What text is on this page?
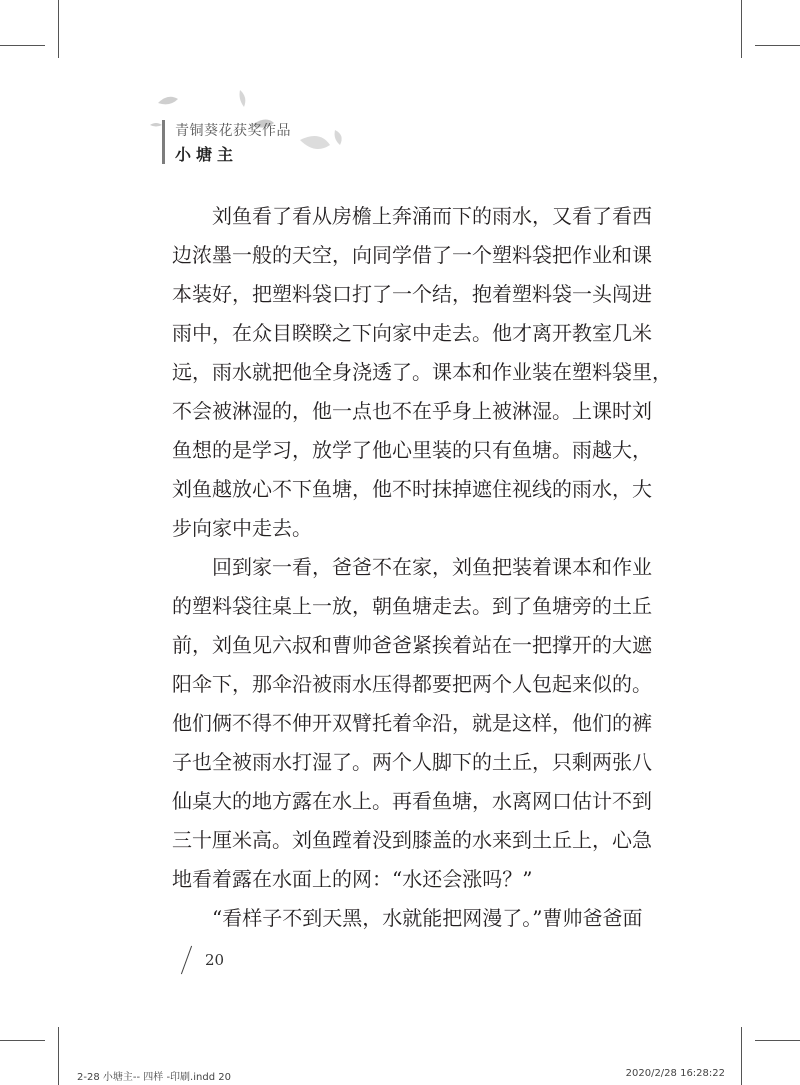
青铜葵花获奖作品
小塘主
刘鱼看了看从房檐上奔涌而下的雨水，又看了看西
边浓墨一般的天空，向同学借了一个塑料袋把作业和课
本装好，把塑料袋口打了一个结，抱着塑料袋一头闯进
雨中，在众目睽睽之下向家中走去。他才离开教室几米
远，雨水就把他全身浇透了。课本和作业装在塑料袋里，
不会被淋湿的，他一点也不在乎身上被淋湿。上课时刘
鱼想的是学习，放学了他心里装的只有鱼塘。雨越大，
刘鱼越放心不下鱼塘，他不时抹掉遮住视线的雨水，大
步向家中走去。
回到家一看，爸爸不在家，刘鱼把装着课本和作业
的塑料袋往桌上一放，朝鱼塘走去。到了鱼塘旁的土丘
前，刘鱼见六叔和曹帅爸爸紧挨着站在一把撑开的大遮
阳伞下，那伞沿被雨水压得都要把两个人包起来似的。
他们俩不得不伸开双臂托着伞沿，就是这样，他们的裤
子也全被雨水打湿了。两个人脚下的土丘，只剩两张八
仙桌大的地方露在水上。再看鱼塘，水离网口估计不到
三十厘米高。刘鱼蹚着没到膝盖的水来到土丘上，心急
地看着露在水面上的网：“水还会涨吗？”
“看样子不到天黑，水就能把网漫了。”曹帅爸爸面
20
2-28 小塘主-- 四样 -印刷.indd 20	2020/2/28 16:28:22
